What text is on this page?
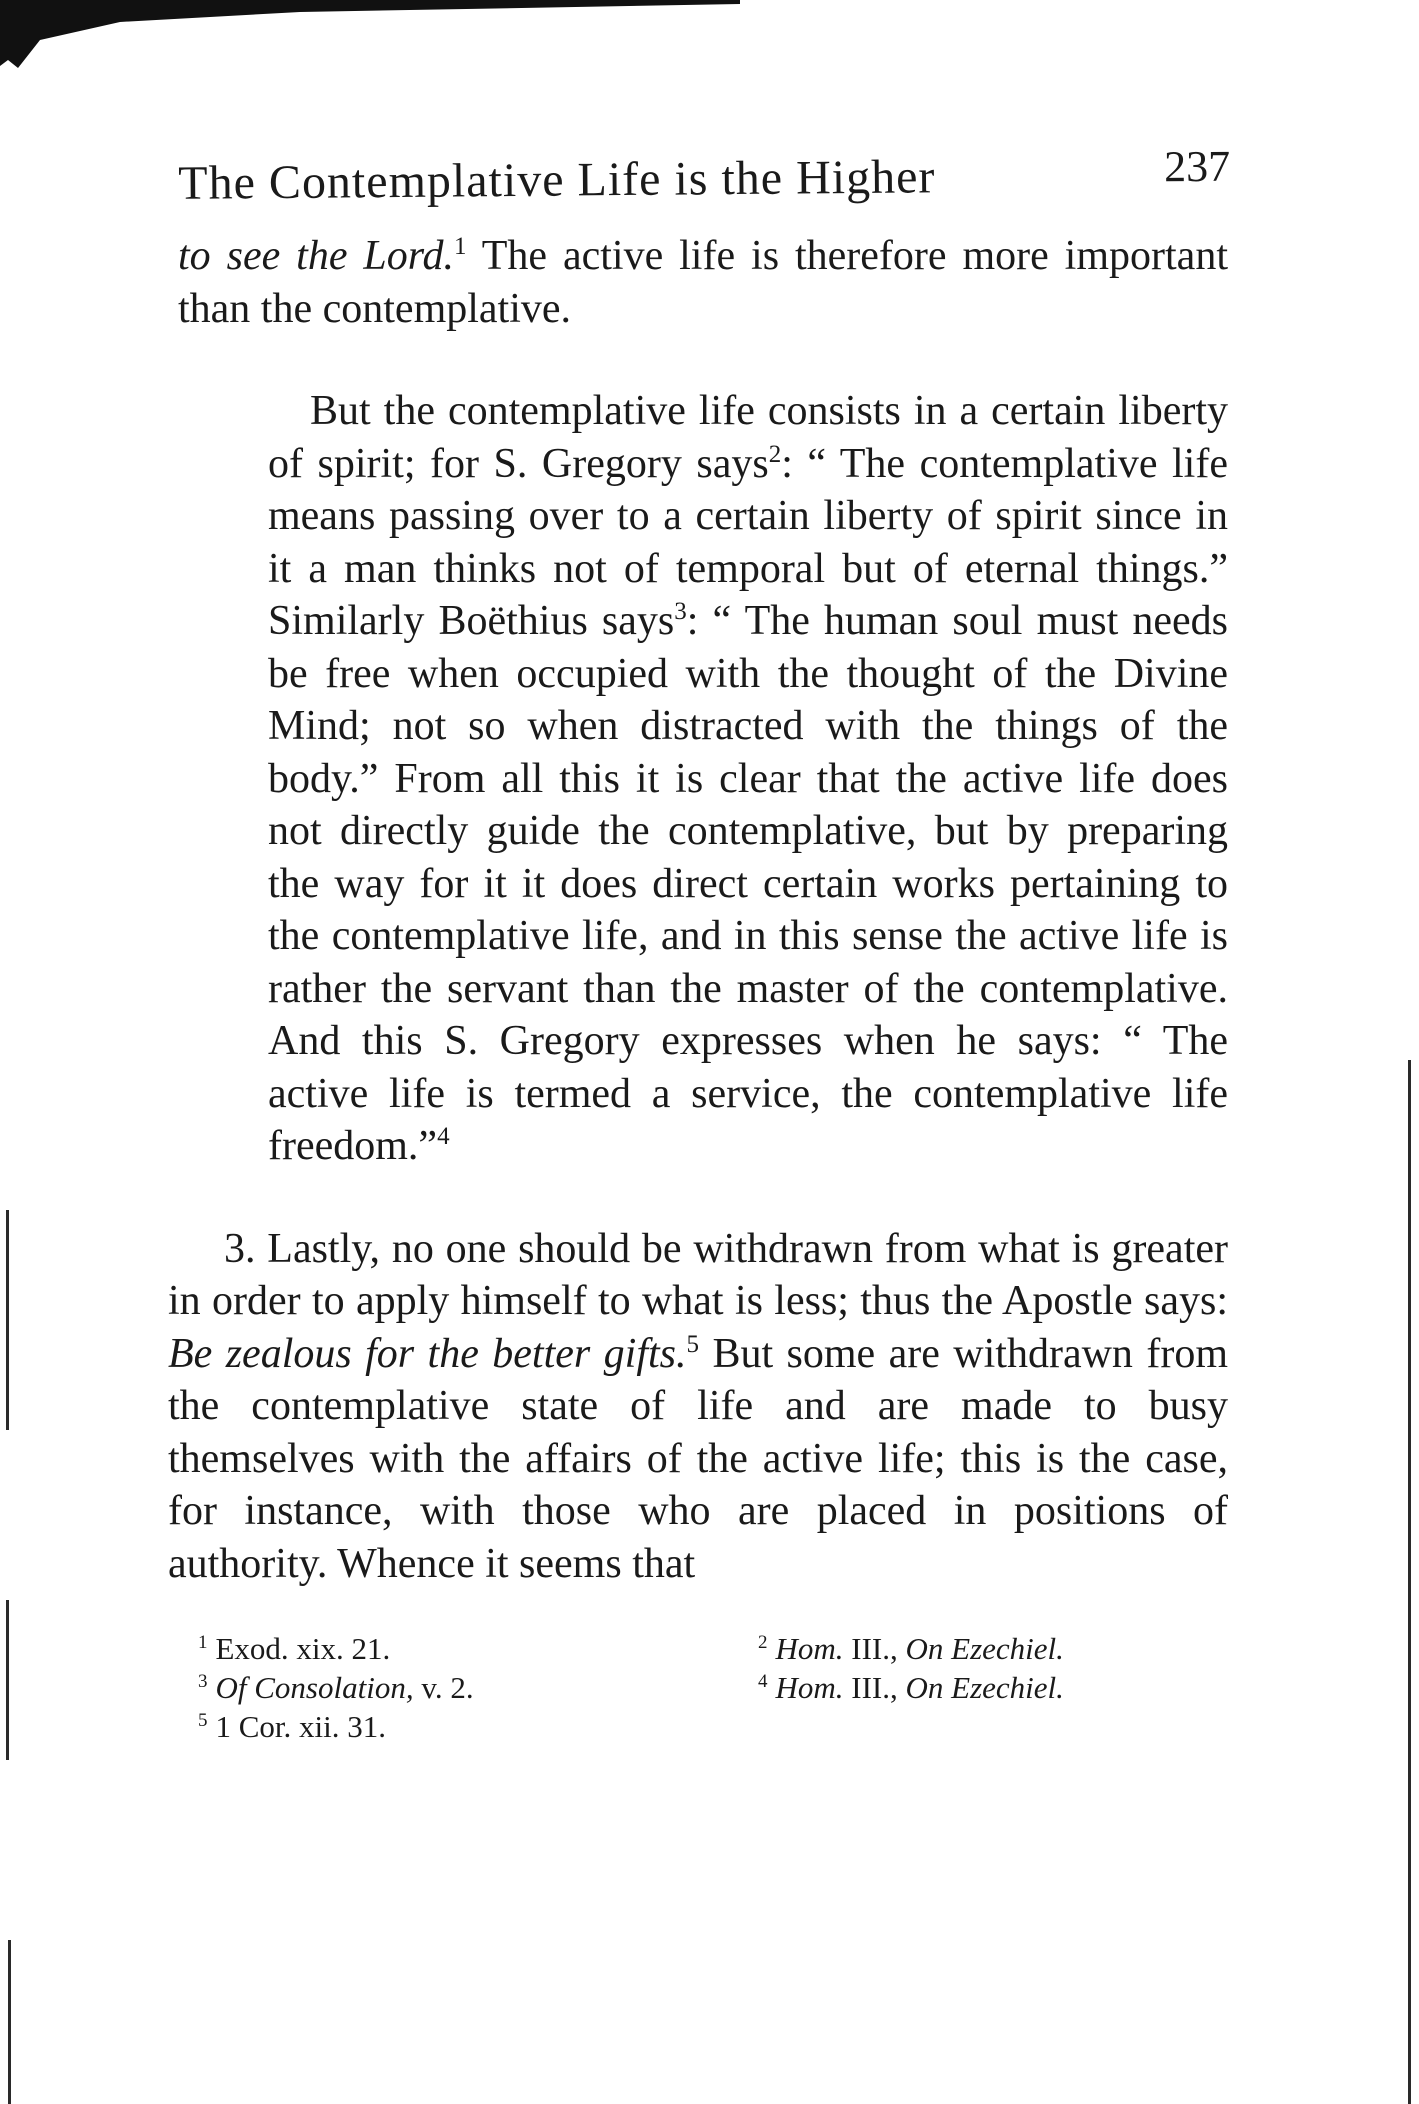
The Contemplative Life is the Higher	237

to see the Lord.$^1$ The active life is therefore more important than the contemplative.

But the contemplative life consists in a certain liberty of spirit; for S. Gregory says$^2$: “ The contemplative life means passing over to a certain liberty of spirit since in it a man thinks not of temporal but of eternal things.” Similarly Boëthius says$^3$: “ The human soul must needs be free when occupied with the thought of the Divine Mind; not so when distracted with the things of the body.” From all this it is clear that the active life does not directly guide the contemplative, but by preparing the way for it it does direct certain works pertaining to the contemplative life, and in this sense the active life is rather the servant than the master of the contemplative. And this S. Gregory expresses when he says: “ The active life is termed a service, the contemplative life freedom.”$^4$

3. Lastly, no one should be withdrawn from what is greater in order to apply himself to what is less; thus the Apostle says: Be zealous for the better gifts.$^5$ But some are withdrawn from the contemplative state of life and are made to busy themselves with the affairs of the active life; this is the case, for instance, with those who are placed in positions of authority. Whence it seems that

$^1$ Exod. xix. 21.	$^2$ Hom. III., On Ezechiel.
$^3$ Of Consolation, v. 2.	$^4$ Hom. III., On Ezechiel.
$^5$ 1 Cor. xii. 31.
